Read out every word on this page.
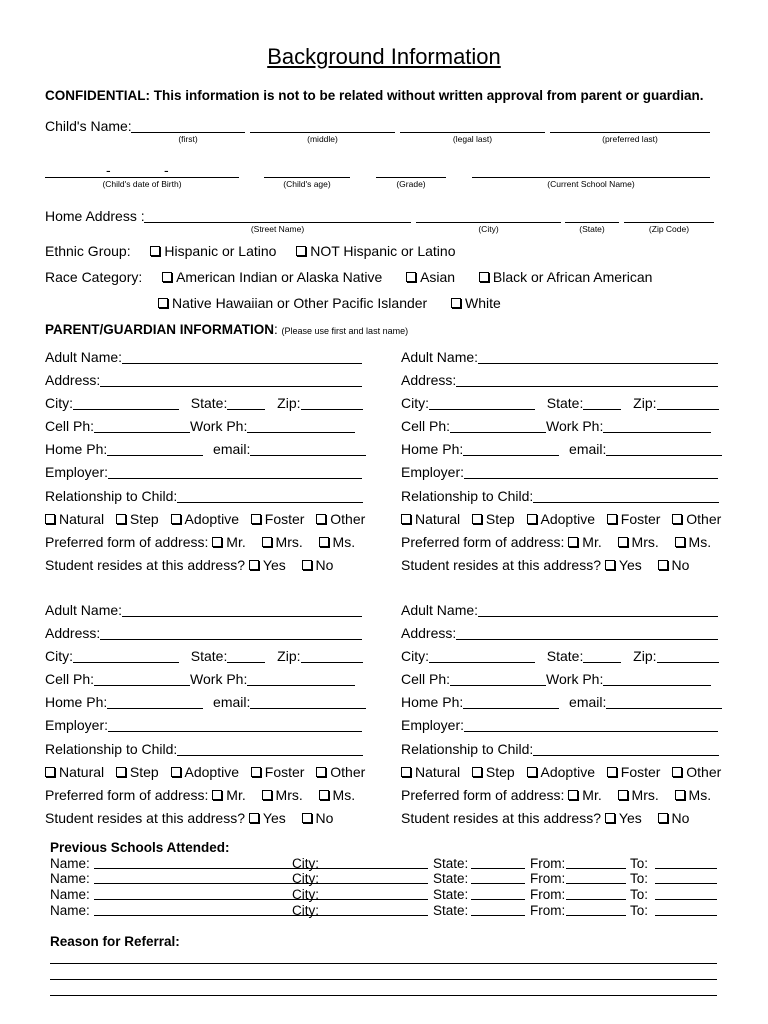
Background Information
CONFIDENTIAL: This information is not to be related without written approval from parent or guardian.
Child's Name:
(first)	(middle)	(legal last)	(preferred last)
-	-
(Child's date of Birth)	(Child's age)	(Grade)	(Current School Name)
Home Address :
(Street Name)	(City)	(State)	(Zip Code)
Ethnic Group: Hispanic or Latino NOT Hispanic or Latino
Race Category: American Indian or Alaska Native	Asian	Black or African American
Native Hawaiian or Other Pacific Islander	White
PARENT/GUARDIAN INFORMATION: (Please use first and last name)
Adult Name:
Address:
City:	State:	Zip:
Cell Ph:	Work Ph:
Home Ph:	email:
Employer:
Relationship to Child:
Natural Step Adoptive Foster Other
Preferred form of address: Mr. Mrs. Ms.
Student resides at this address? Yes No
Adult Name:
Address:
City:	State:	Zip:
Cell Ph:	Work Ph:
Home Ph:	email:
Employer:
Relationship to Child:
Natural Step Adoptive Foster Other
Preferred form of address: Mr. Mrs. Ms.
Student resides at this address? Yes No
Adult Name:
Address:
City:	State:	Zip:
Cell Ph:	Work Ph:
Home Ph:	email:
Employer:
Relationship to Child:
Natural Step Adoptive Foster Other
Preferred form of address: Mr. Mrs. Ms.
Student resides at this address? Yes No
Adult Name:
Address:
City:	State:	Zip:
Cell Ph:	Work Ph:
Home Ph:	email:
Employer:
Relationship to Child:
Natural Step Adoptive Foster Other
Preferred form of address: Mr. Mrs. Ms.
Student resides at this address? Yes No
Previous Schools Attended:
Name:	City:	State:	From:	To:
Name:	City:	State:	From:	To:
Name:	City:	State:	From:	To:
Name:	City:	State:	From:	To:
Reason for Referral:
